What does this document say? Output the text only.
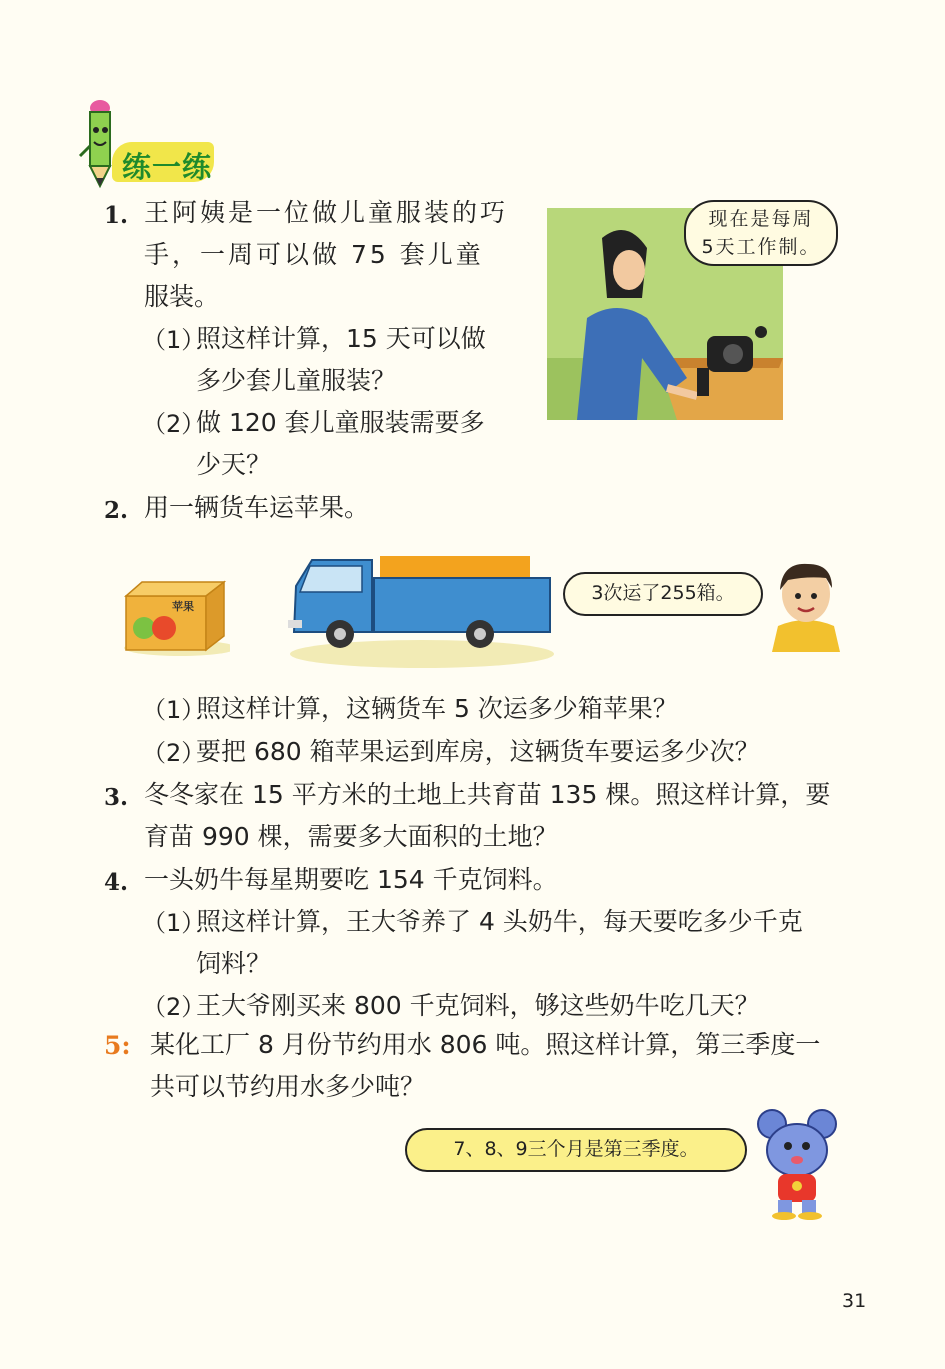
练一练
1. 王阿姨是一位做儿童服装的巧
手，一周可以做 75 套儿童
服装。
（1）
照这样计算，15 天可以做
多少套儿童服装？
（2）
做 120 套儿童服装需要多
少天？
现在是每周
5天工作制。
2. 用一辆货车运苹果。
苹果
3次运了255箱。
（1）
照这样计算，这辆货车 5 次运多少箱苹果？
（2）
要把 680 箱苹果运到库房，这辆货车要运多少次？
3. 冬冬家在 15 平方米的土地上共育苗 135 棵。照这样计算，要
育苗 990 棵，需要多大面积的土地？
4. 一头奶牛每星期要吃 154 千克饲料。
（1）
照这样计算，王大爷养了 4 头奶牛，每天要吃多少千克
饲料？
（2）
王大爷刚买来 800 千克饲料，够这些奶牛吃几天？
5: 某化工厂 8 月份节约用水 806 吨。照这样计算，第三季度一
共可以节约用水多少吨？
7、8、9三个月是第三季度。
31
